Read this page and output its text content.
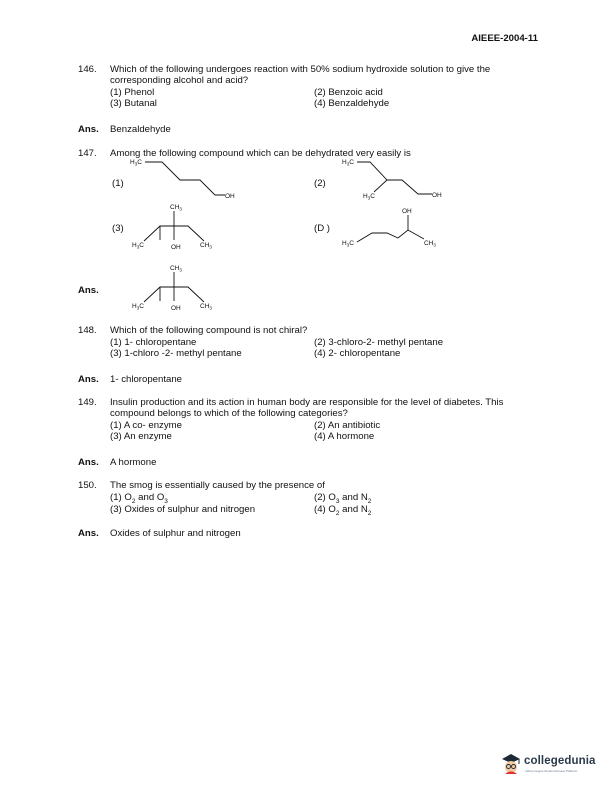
AIEEE-2004-11
146. Which of the following undergoes reaction with 50% sodium hydroxide solution to give the
corresponding alcohol and acid?
(1) Phenol	(2) Benzoic acid
(3) Butanal	(4) Benzaldehyde
Ans. Benzaldehyde
147. Among the following compound which can be dehydrated very easily is
(1)	(2)
(3)	(D )
Ans.
$H_3C$
OH
$H_3C$
$H_3C$	OH
$CH_3$
$H_3C$	OH	$CH_3$
OH
$H_3C$	$CH_3$
$CH_3$
$H_3C$	OH	$CH_3$
148. Which of the following compound is not chiral?
(1) 1- chloropentane	(2) 3-chloro-2- methyl pentane
(3) 1-chloro -2- methyl pentane	(4) 2- chloropentane
Ans. 1- chloropentane
149. Insulin production and its action in human body are responsible for the level of diabetes. This
compound belongs to which of the following categories?
(1) A co- enzyme	(2) An antibiotic
(3) An enzyme	(4) A hormone
Ans. A hormone
150. The smog is essentially caused by the presence of
(1) $O_2$ and $O_3$	(2) $O_3$ and $N_2$
(3) Oxides of sulphur and nitrogen	(4) $O_2$ and $N_2$
Ans. Oxides of sulphur and nitrogen
collegedunia
India's largest Student Review Platform
